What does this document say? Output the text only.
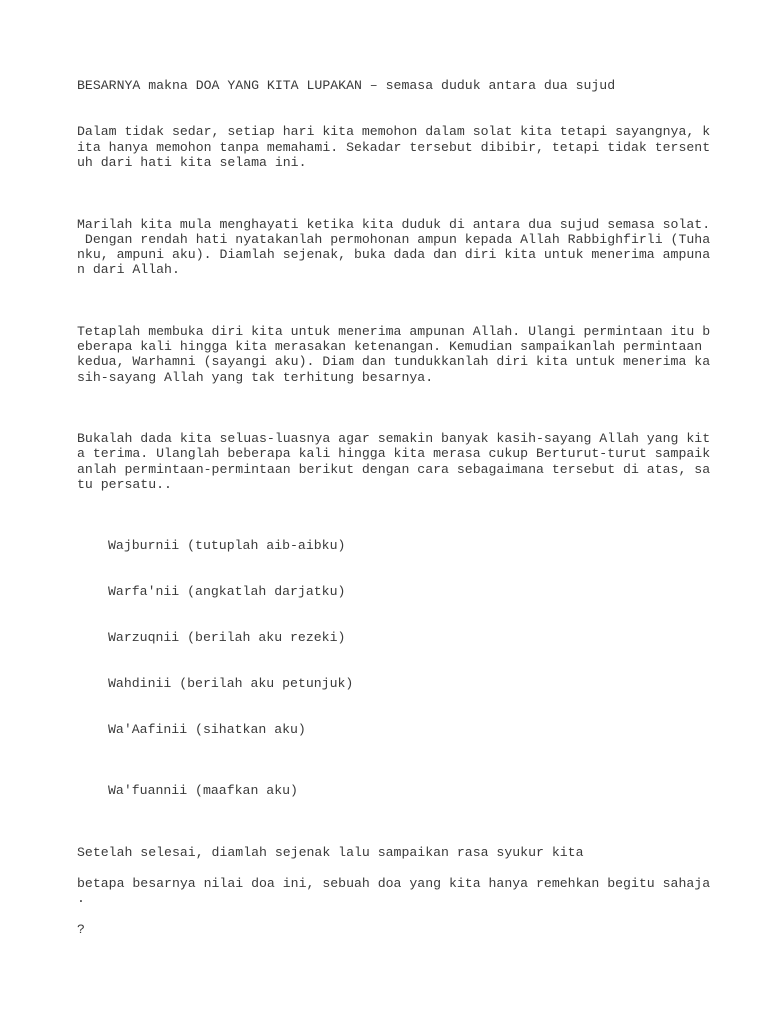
BESARNYA makna DOA YANG KITA LUPAKAN – semasa duduk antara dua sujud

Dalam tidak sedar, setiap hari kita memohon dalam solat kita tetapi sayangnya, k

ita hanya memohon tanpa memahami. Sekadar tersebut dibibir, tetapi tidak tersent

uh dari hati kita selama ini.

Marilah kita mula menghayati ketika kita duduk di antara dua sujud semasa solat.

Dengan rendah hati nyatakanlah permohonan ampun kepada Allah Rabbighfirli (Tuha

nku, ampuni aku). Diamlah sejenak, buka dada dan diri kita untuk menerima ampuna

n dari Allah.

Tetaplah membuka diri kita untuk menerima ampunan Allah. Ulangi permintaan itu b

eberapa kali hingga kita merasakan ketenangan. Kemudian sampaikanlah permintaan

kedua, Warhamni (sayangi aku). Diam dan tundukkanlah diri kita untuk menerima ka

sih-sayang Allah yang tak terhitung besarnya.

Bukalah dada kita seluas-luasnya agar semakin banyak kasih-sayang Allah yang kit

a terima. Ulanglah beberapa kali hingga kita merasa cukup Berturut-turut sampaik

anlah permintaan-permintaan berikut dengan cara sebagaimana tersebut di atas, sa

tu persatu..

Wajburnii (tutuplah aib-aibku)

Warfa'nii (angkatlah darjatku)

Warzuqnii (berilah aku rezeki)

Wahdinii (berilah aku petunjuk)

Wa'Aafinii (sihatkan aku)

Wa'fuannii (maafkan aku)

Setelah selesai, diamlah sejenak lalu sampaikan rasa syukur kita

betapa besarnya nilai doa ini, sebuah doa yang kita hanya remehkan begitu sahaja

.

?
